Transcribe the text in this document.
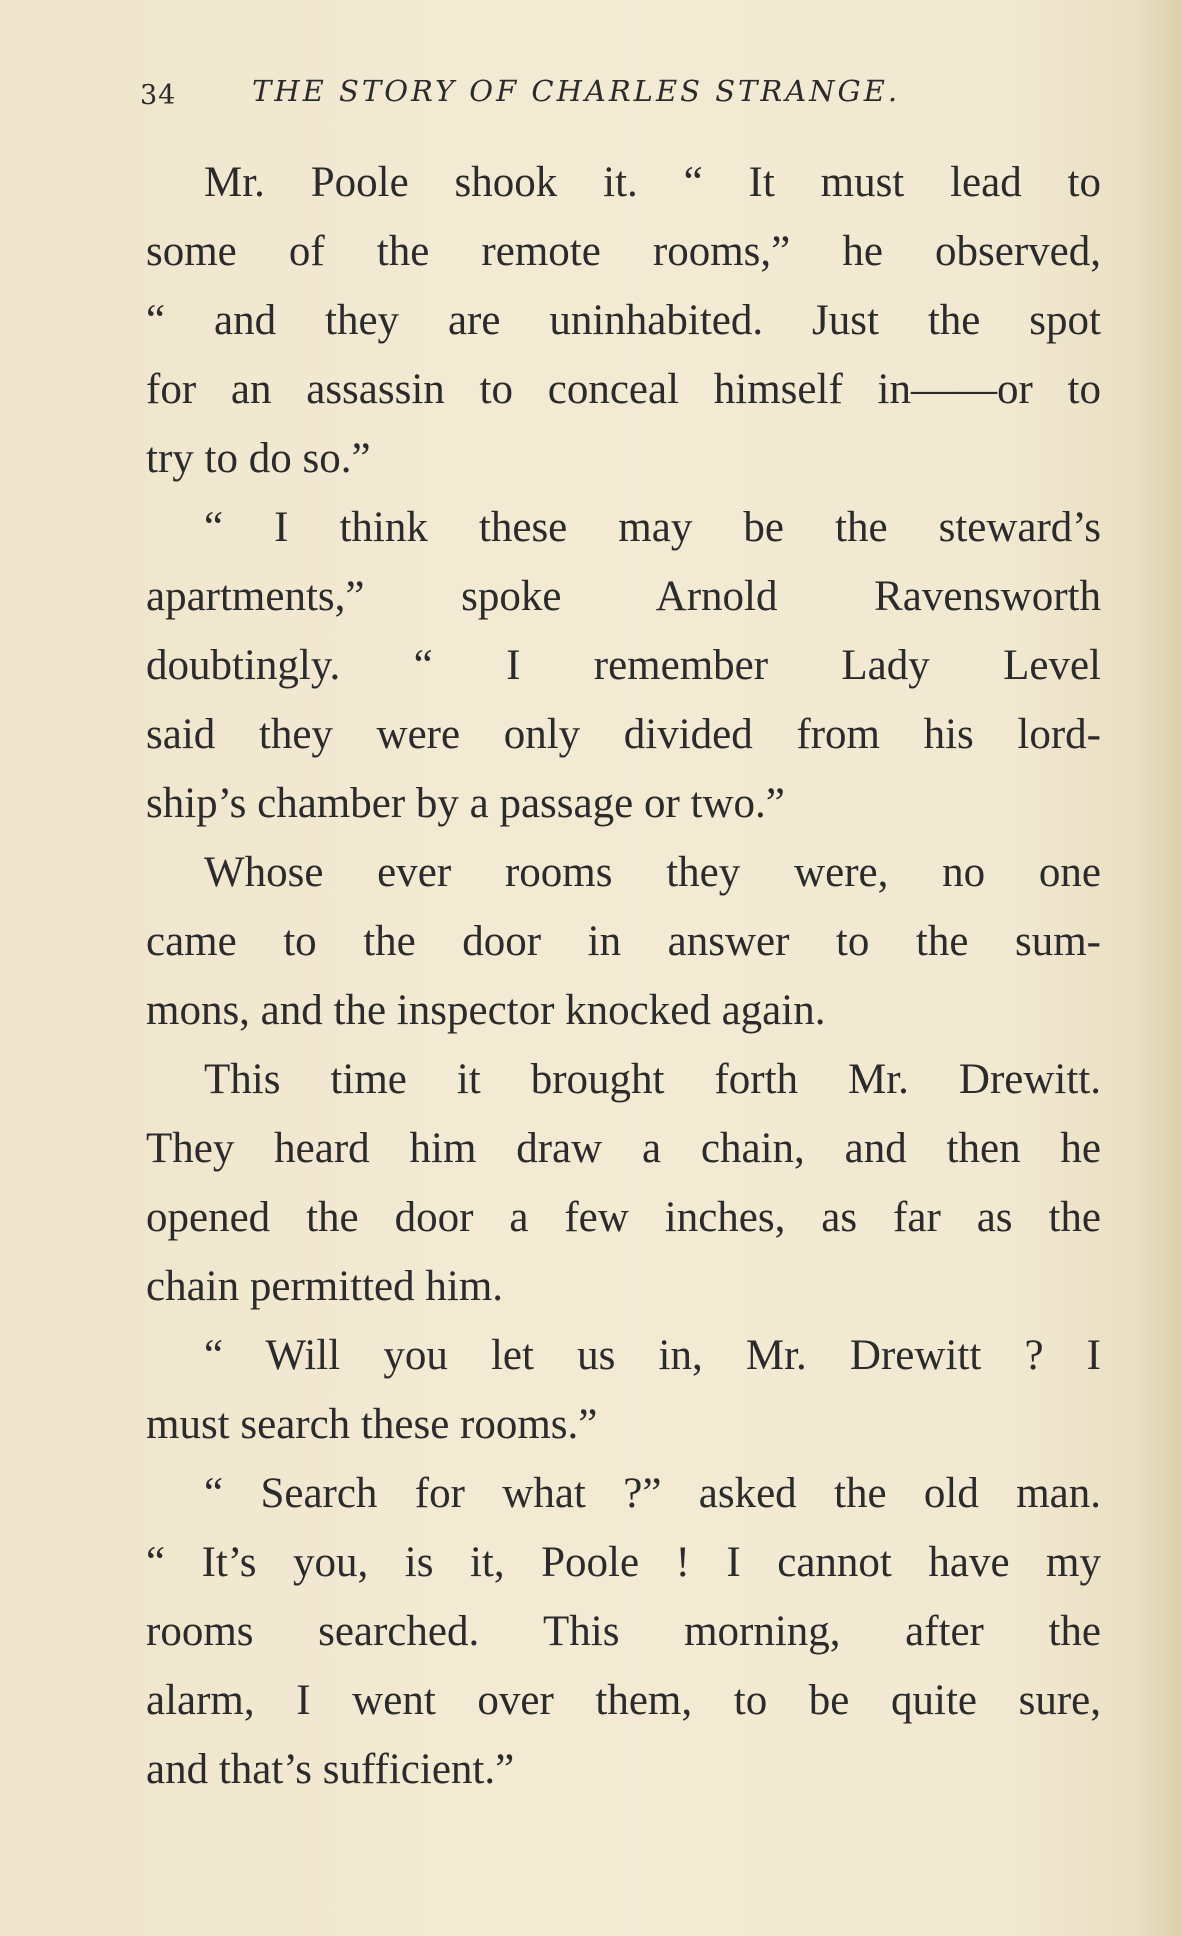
34	THE STORY OF CHARLES STRANGE.
Mr. Poole shook it. “ It must lead to
some of the remote rooms,” he observed,
“ and they are uninhabited. Just the spot
for an assassin to conceal himself in——or to
try to do so.”
“ I think these may be the steward’s
apartments,” spoke Arnold Ravensworth
doubtingly. “ I remember Lady Level
said they were only divided from his lord-
ship’s chamber by a passage or two.”
Whose ever rooms they were, no one
came to the door in answer to the sum-
mons, and the inspector knocked again.
This time it brought forth Mr. Drewitt.
They heard him draw a chain, and then he
opened the door a few inches, as far as the
chain permitted him.
“ Will you let us in, Mr. Drewitt ? I
must search these rooms.”
“ Search for what ?” asked the old man.
“ It’s you, is it, Poole ! I cannot have my
rooms searched. This morning, after the
alarm, I went over them, to be quite sure,
and that’s sufficient.”
